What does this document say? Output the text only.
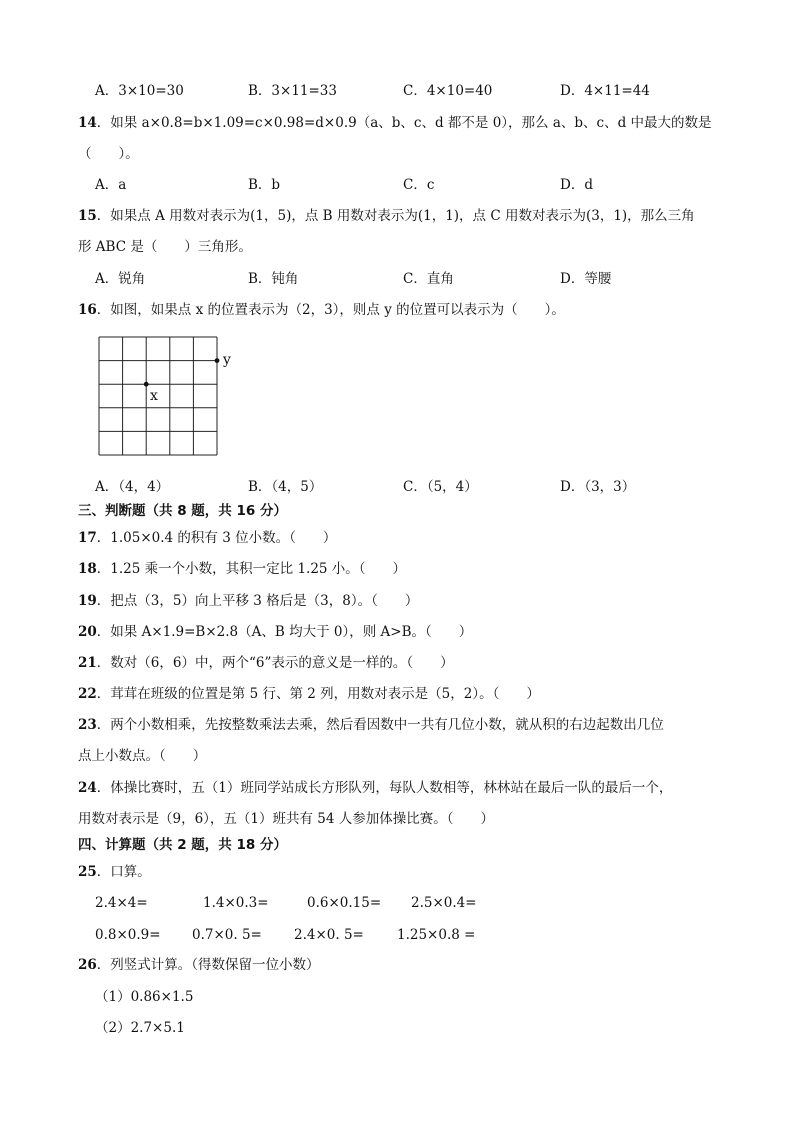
A．3×10=30	B．3×11=33	C．4×10=40	D．4×11=44
14．如果 a×0.8=b×1.09=c×0.98=d×0.9（a、b、c、d 都不是 0），那么 a、b、c、d 中最大的数是
（　　）。
A．a	B．b	C．c	D．d
15．如果点 A 用数对表示为(1，5)，点 B 用数对表示为(1，1)，点 C 用数对表示为(3，1)，那么三角
形 ABC 是（　　）三角形。
A．锐角	B．钝角	C．直角	D．等腰
16．如图，如果点 x 的位置表示为（2，3），则点 y 的位置可以表示为（　　）。
x
y
A．（4，4）	B．（4，5）	C．（5，4）	D．（3，3）
三、判断题（共 8 题，共 16 分）
17．1.05×0.4 的积有 3 位小数。（　　）
18．1.25 乘一个小数，其积一定比 1.25 小。（　　）
19．把点（3，5）向上平移 3 格后是（3，8）。（　　）
20．如果 A×1.9=B×2.8（A、B 均大于 0），则 A>B。（　　）
21．数对（6，6）中，两个“6”表示的意义是一样的。（　　）
22．茸茸在班级的位置是第 5 行、第 2 列，用数对表示是（5，2）。（　　）
23．两个小数相乘，先按整数乘法去乘，然后看因数中一共有几位小数，就从积的右边起数出几位
点上小数点。（　　）
24．体操比赛时，五（1）班同学站成长方形队列，每队人数相等，林林站在最后一队的最后一个，
用数对表示是（9，6），五（1）班共有 54 人参加体操比赛。（　　）
四、计算题（共 2 题，共 18 分）
25．口算。
2.4×4=	1.4×0.3=	0.6×0.15= 2.5×0.4=
0.8×0.9= 0.7×0. 5= 2.4×0. 5= 1.25×0.8 =
26．列竖式计算。（得数保留一位小数）
（1）0.86×1.5
（2）2.7×5.1
